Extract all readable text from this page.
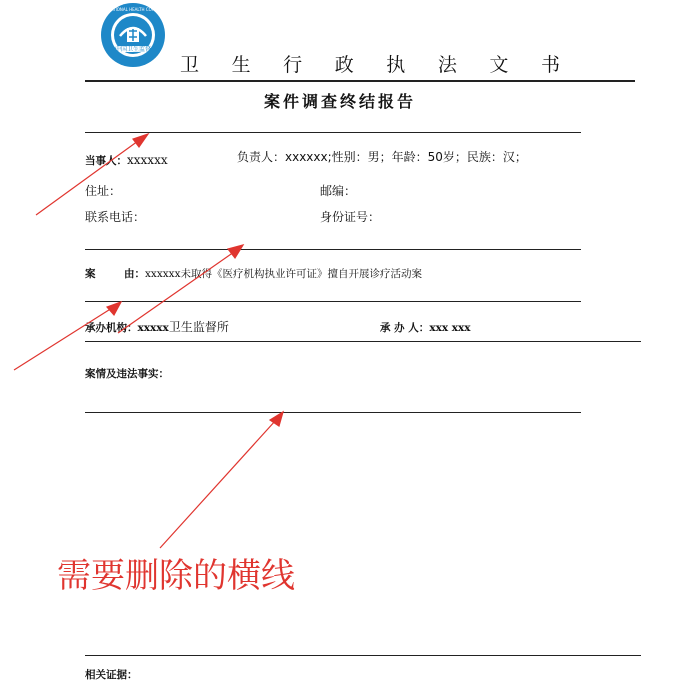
中国卫生监督
CHINA NATIONAL HEALTH COMMISSION
卫 生 行 政 执 法 文 书
案件调查终结报告
当事人：xxxxxx	负责人：xxxxxx;性别：男；年龄：50岁；民族：汉；
住址：	邮编：
联系电话：	身份证号：
案	由：xxxxxx未取得《医疗机构执业许可证》擅自开展诊疗活动案
承办机构：xxxxx卫生监督所	承 办 人：xxx xxx
案情及违法事实：
需要删除的横线
相关证据：
